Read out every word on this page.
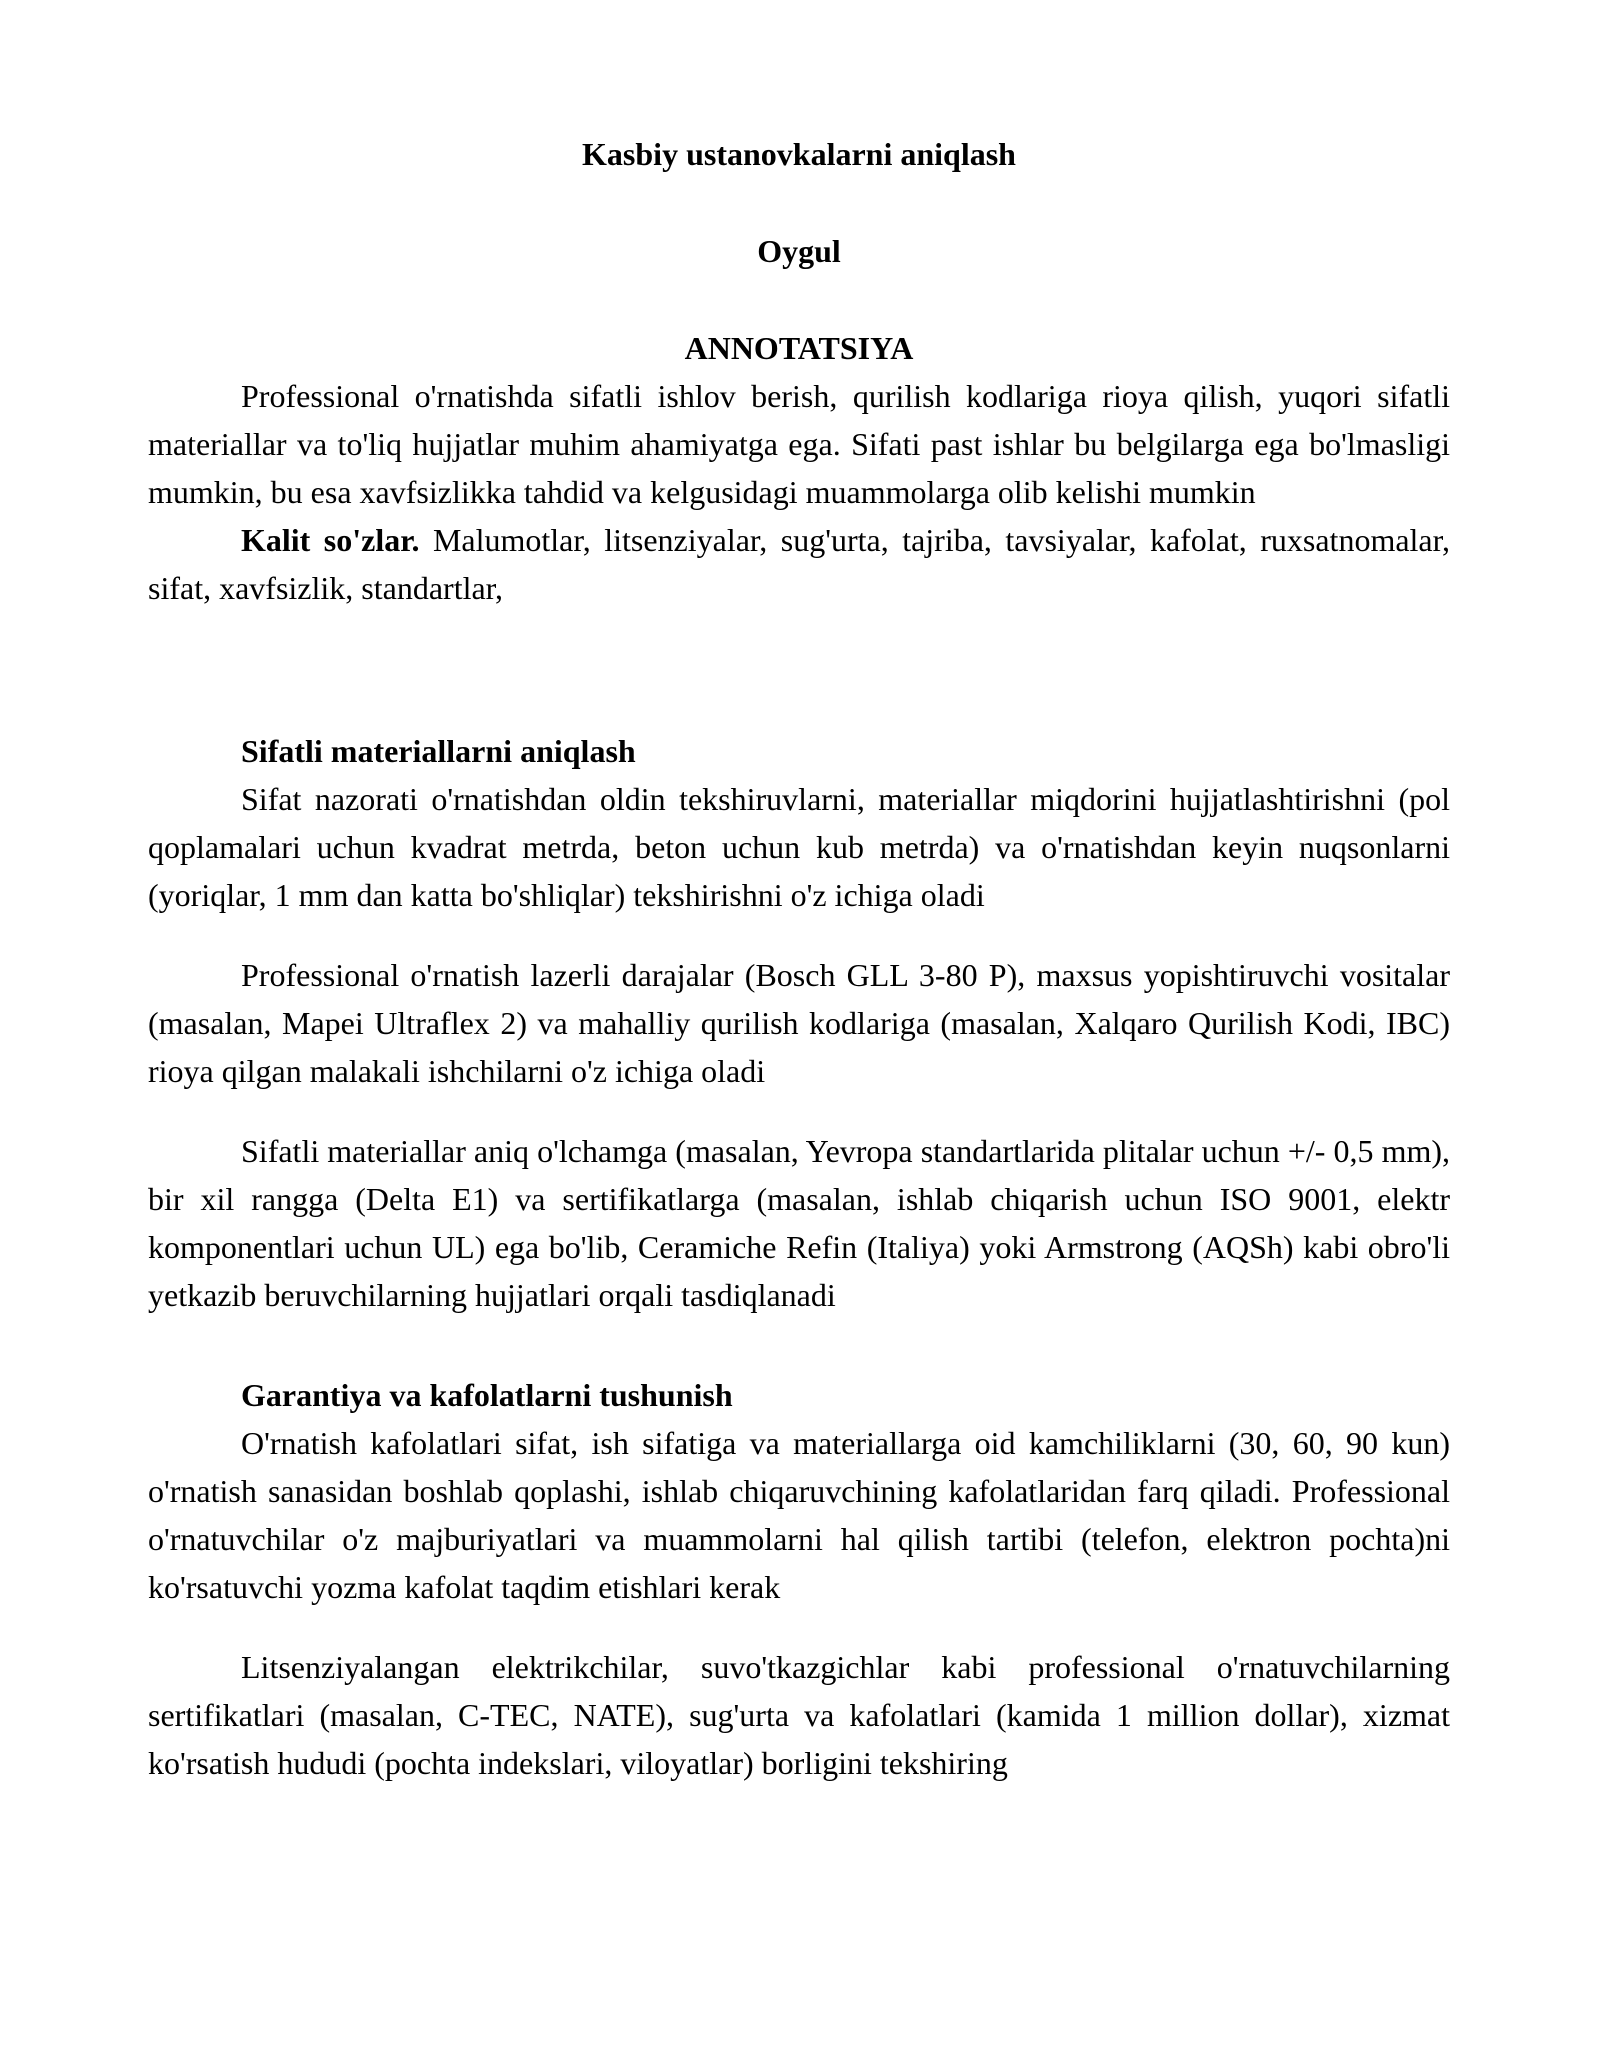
Kasbiy ustanovkalarni aniqlash
Oygul
ANNOTATSIYA

Professional o'rnatishda sifatli ishlov berish, qurilish kodlariga rioya qilish, yuqori sifatli materiallar va to'liq hujjatlar muhim ahamiyatga ega. Sifati past ishlar bu belgilarga ega bo'lmasligi mumkin, bu esa xavfsizlikka tahdid va kelgusidagi muammolarga olib kelishi mumkin

Kalit so'zlar. Malumotlar, litsenziyalar, sug'urta, tajriba, tavsiyalar, kafolat, ruxsatnomalar, sifat, xavfsizlik, standartlar,

Sifatli materiallarni aniqlash

Sifat nazorati o'rnatishdan oldin tekshiruvlarni, materiallar miqdorini hujjatlashtirishni (pol qoplamalari uchun kvadrat metrda, beton uchun kub metrda) va o'rnatishdan keyin nuqsonlarni (yoriqlar, 1 mm dan katta bo'shliqlar) tekshirishni o'z ichiga oladi

Professional o'rnatish lazerli darajalar (Bosch GLL 3-80 P), maxsus yopishtiruvchi vositalar (masalan, Mapei Ultraflex 2) va mahalliy qurilish kodlariga (masalan, Xalqaro Qurilish Kodi, IBC) rioya qilgan malakali ishchilarni o'z ichiga oladi

Sifatli materiallar aniq o'lchamga (masalan, Yevropa standartlarida plitalar uchun +/- 0,5 mm), bir xil rangga (Delta E1) va sertifikatlarga (masalan, ishlab chiqarish uchun ISO 9001, elektr komponentlari uchun UL) ega bo'lib, Ceramiche Refin (Italiya) yoki Armstrong (AQSh) kabi obro'li yetkazib beruvchilarning hujjatlari orqali tasdiqlanadi

Garantiya va kafolatlarni tushunish

O'rnatish kafolatlari sifat, ish sifatiga va materiallarga oid kamchiliklarni (30, 60, 90 kun) o'rnatish sanasidan boshlab qoplashi, ishlab chiqaruvchining kafolatlaridan farq qiladi. Professional o'rnatuvchilar o'z majburiyatlari va muammolarni hal qilish tartibi (telefon, elektron pochta)ni ko'rsatuvchi yozma kafolat taqdim etishlari kerak

Litsenziyalangan elektrikchilar, suvo'tkazgichlar kabi professional o'rnatuvchilarning sertifikatlari (masalan, C-TEC, NATE), sug'urta va kafolatlari (kamida 1 million dollar), xizmat ko'rsatish hududi (pochta indekslari, viloyatlar) borligini tekshiring
